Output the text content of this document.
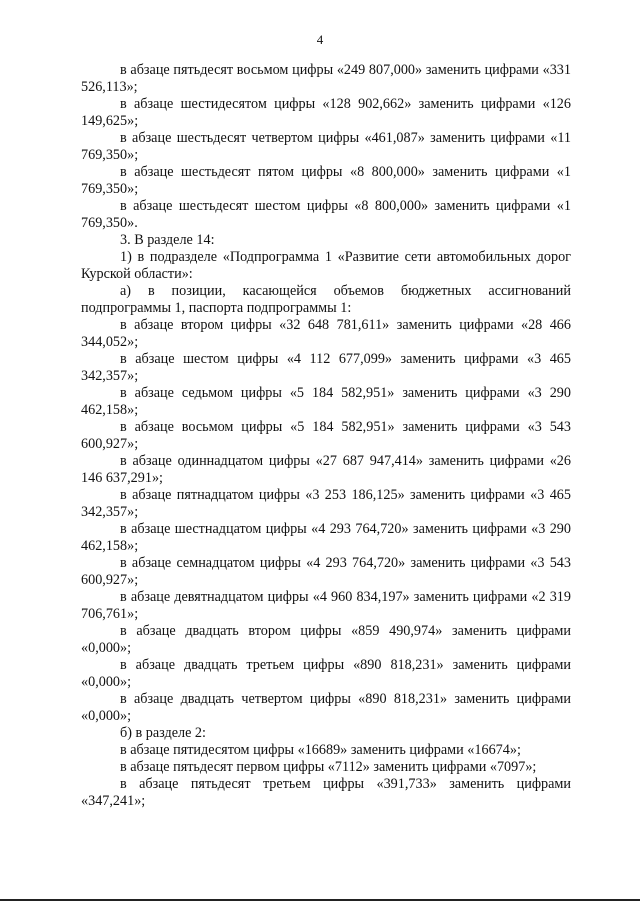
4

в абзаце пятьдесят восьмом цифры «249 807,000» заменить цифрами «331 526,113»;

в абзаце шестидесятом цифры «128 902,662» заменить цифрами «126 149,625»;

в абзаце шестьдесят четвертом цифры «461,087» заменить цифрами «11 769,350»;

в абзаце шестьдесят пятом цифры «8 800,000» заменить цифрами «1 769,350»;

в абзаце шестьдесят шестом цифры «8 800,000» заменить цифрами «1 769,350».

3. В разделе 14:

1) в подразделе «Подпрограмма 1 «Развитие сети автомобильных дорог Курской области»:

а) в позиции, касающейся объемов бюджетных ассигнований подпрограммы 1, паспорта подпрограммы 1:

в абзаце втором цифры «32 648 781,611» заменить цифрами «28 466 344,052»;

в абзаце шестом цифры «4 112 677,099» заменить цифрами «3 465 342,357»;

в абзаце седьмом цифры «5 184 582,951» заменить цифрами «3 290 462,158»;

в абзаце восьмом цифры «5 184 582,951» заменить цифрами «3 543 600,927»;

в абзаце одиннадцатом цифры «27 687 947,414» заменить цифрами «26 146 637,291»;

в абзаце пятнадцатом цифры «3 253 186,125» заменить цифрами «3 465 342,357»;

в абзаце шестнадцатом цифры «4 293 764,720» заменить цифрами «3 290 462,158»;

в абзаце семнадцатом цифры «4 293 764,720» заменить цифрами «3 543 600,927»;

в абзаце девятнадцатом цифры «4 960 834,197» заменить цифрами «2 319 706,761»;

в абзаце двадцать втором цифры «859 490,974» заменить цифрами «0,000»;

в абзаце двадцать третьем цифры «890 818,231» заменить цифрами «0,000»;

в абзаце двадцать четвертом цифры «890 818,231» заменить цифрами «0,000»;

б) в разделе 2:

в абзаце пятидесятом цифры «16689» заменить цифрами «16674»;

в абзаце пятьдесят первом цифры «7112» заменить цифрами «7097»;

в абзаце пятьдесят третьем цифры «391,733» заменить цифрами «347,241»;
